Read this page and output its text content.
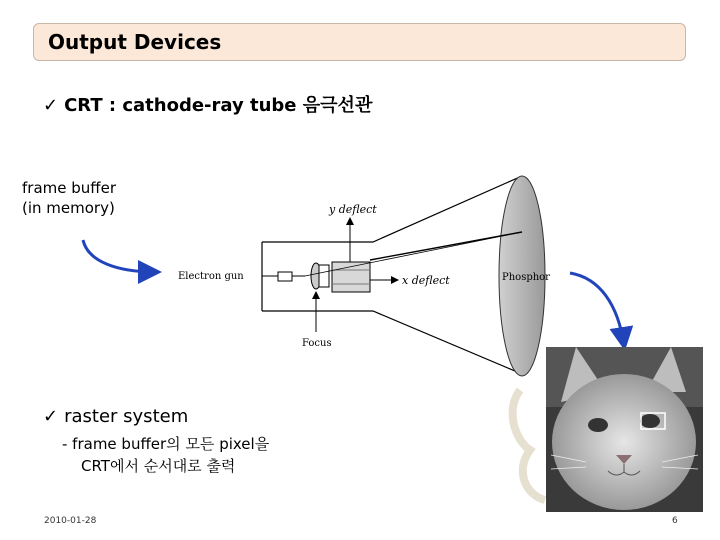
Output Devices
✓ CRT : cathode-ray tube 음극선관
frame buffer
(in memory)	y deflect
x deflect
Electron gun
Focus
Phosphor
✓ raster system
- frame buffer의 모든 pixel을
CRT에서 순서대로 출력
2010-01-28	6
